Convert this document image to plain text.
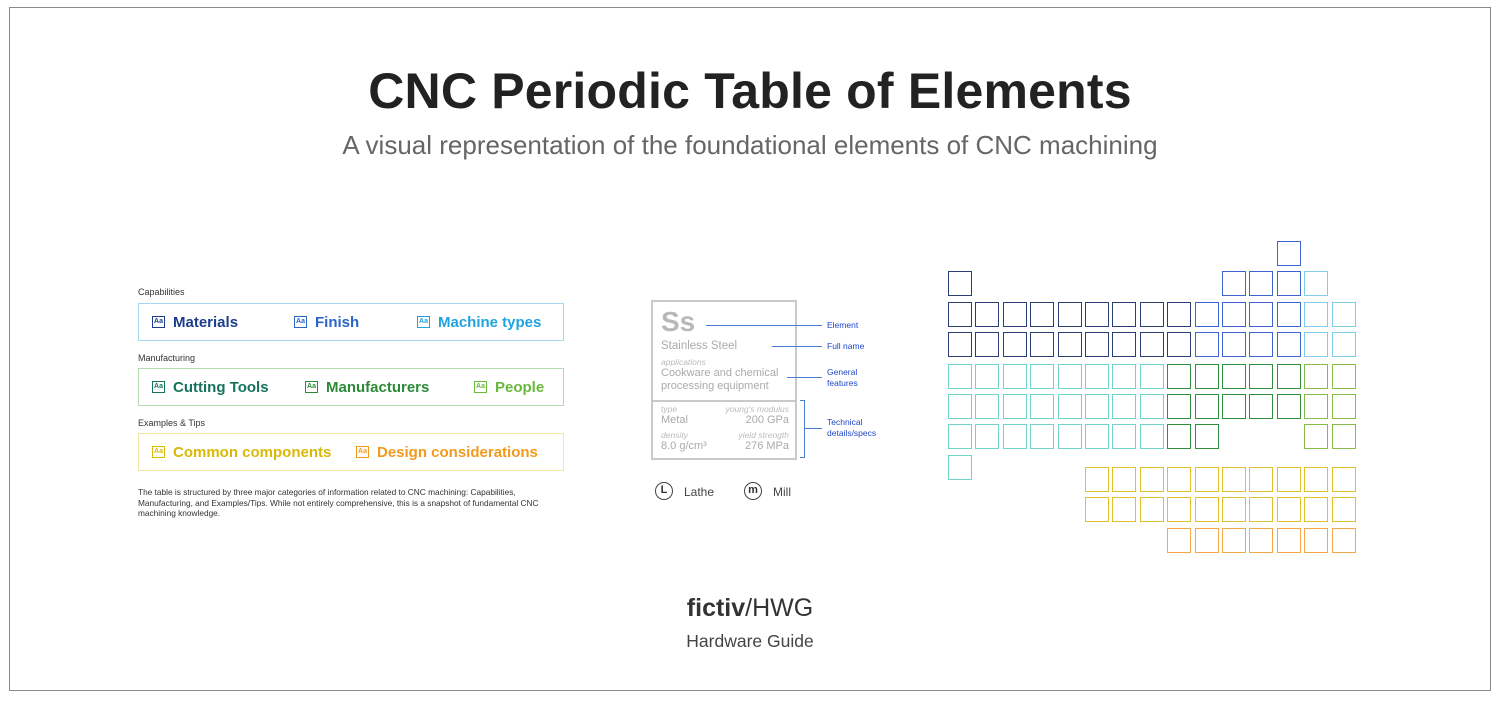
CNC Periodic Table of Elements
A visual representation of the foundational elements of CNC machining
Capabilities
Aa Materials	Aa Finish	Aa Machine types
Manufacturing
Aa Cutting Tools	Aa Manufacturers	Aa People
Examples & Tips
Aa Common components	Aa Design considerations
The table is structured by three major categories of information related to CNC machining: Capabilities, Manufacturing, and Examples/Tips. While not entirely comprehensive, this is a snapshot of fundamental CNC machining knowledge.
Ss
Stainless Steel
applications
Cookware and chemical processing equipment
type
Metal
young's modulus
200 GPa
density
8.0 g/cm³
yield strength
276 MPa
Element
Full name
General features
Technical details/specs
L	Lathe	m	Mill
fictiv/HWG
Hardware Guide
